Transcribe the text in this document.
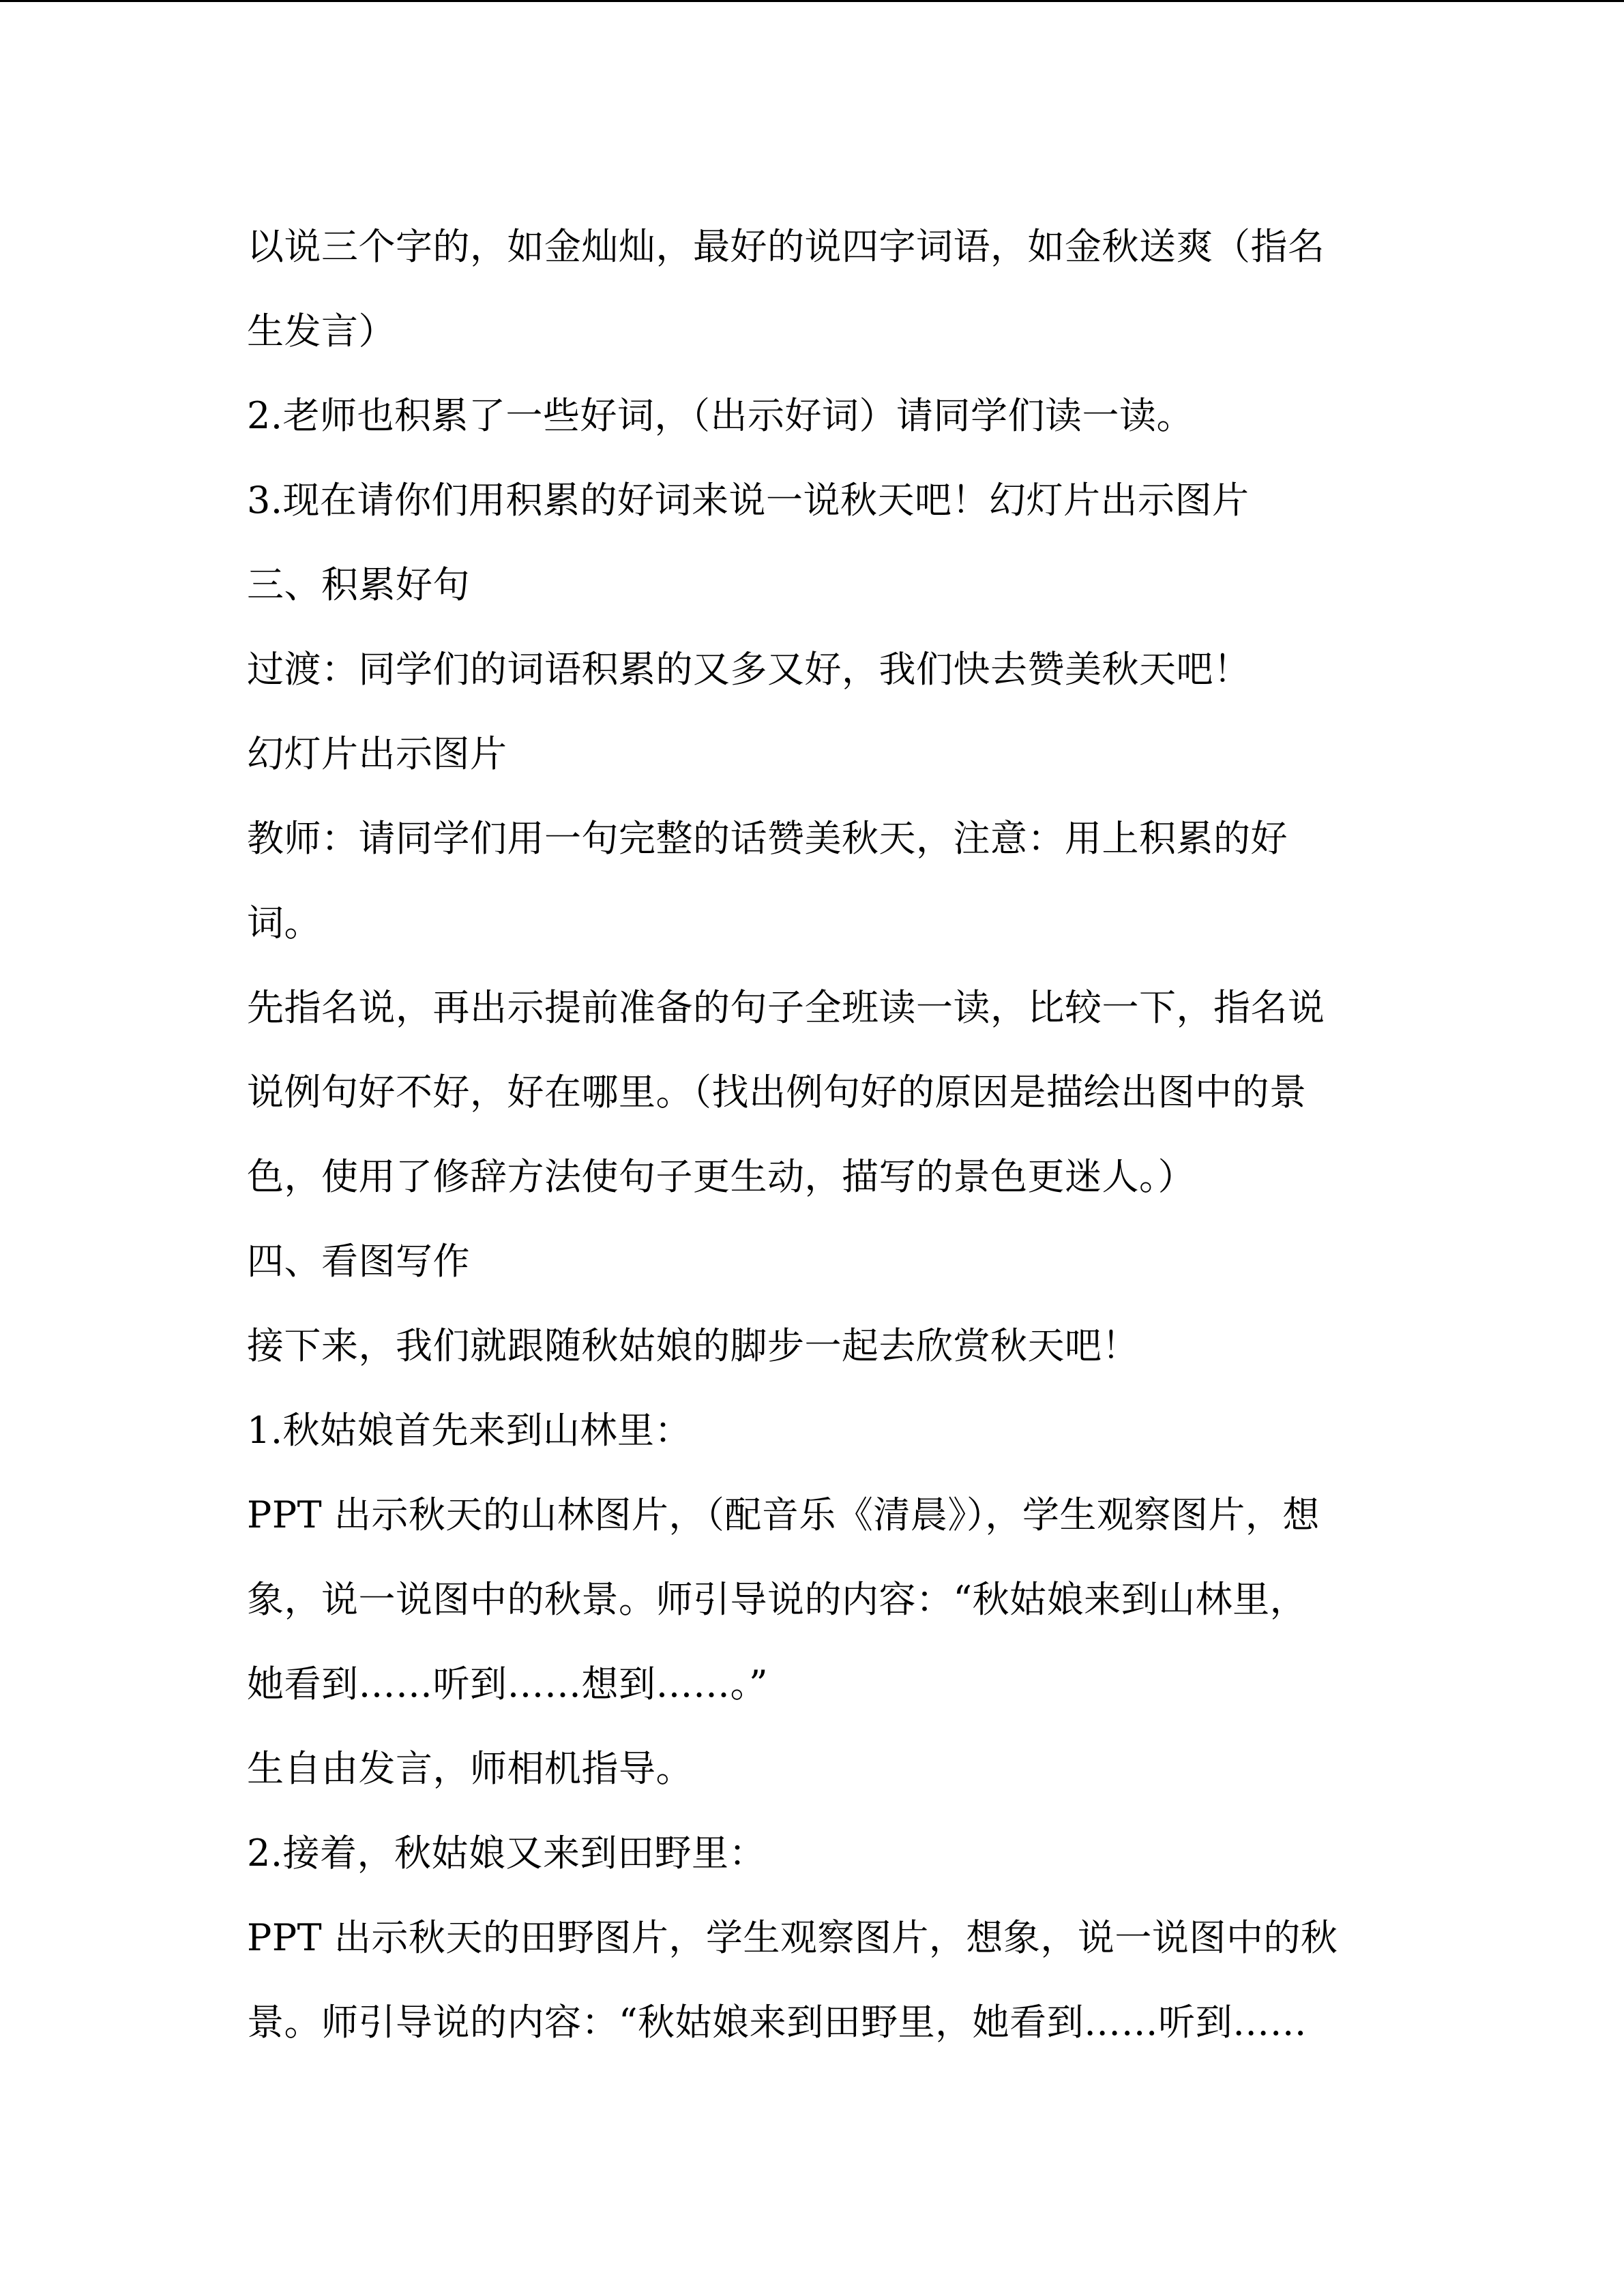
以说三个字的，如金灿灿，最好的说四字词语，如金秋送爽（指名
生发言）
2.老师也积累了一些好词，（出示好词）请同学们读一读。
3.现在请你们用积累的好词来说一说秋天吧！幻灯片出示图片
三、积累好句
过渡：同学们的词语积累的又多又好，我们快去赞美秋天吧！
幻灯片出示图片
教师：请同学们用一句完整的话赞美秋天，注意：用上积累的好
词。
先指名说，再出示提前准备的句子全班读一读，比较一下，指名说
说例句好不好，好在哪里。（找出例句好的原因是描绘出图中的景
色，使用了修辞方法使句子更生动，描写的景色更迷人。）
四、看图写作
接下来，我们就跟随秋姑娘的脚步一起去欣赏秋天吧！
1.秋姑娘首先来到山林里：
PPT 出示秋天的山林图片，（配音乐《清晨》），学生观察图片，想
象，说一说图中的秋景。师引导说的内容：“秋姑娘来到山林里，
她看到……听到……想到……。”
生自由发言，师相机指导。
2.接着，秋姑娘又来到田野里：
PPT 出示秋天的田野图片，学生观察图片，想象，说一说图中的秋
景。师引导说的内容：“秋姑娘来到田野里，她看到……听到……
